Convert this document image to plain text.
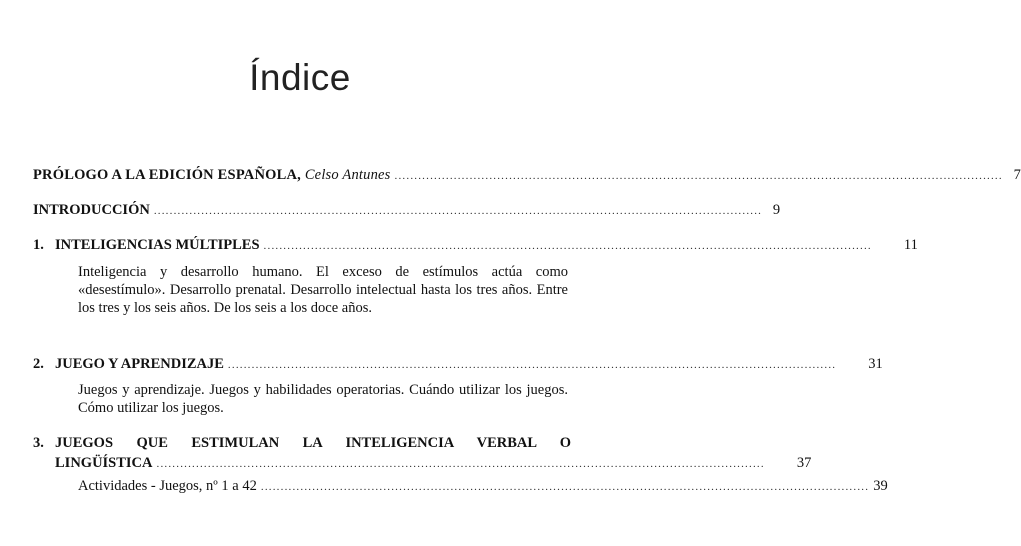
Índice
PRÓLOGO A LA EDICIÓN ESPAÑOLA, Celso Antunes .......................................................................................................................................................... 7
INTRODUCCIÓN .......................................................................................................................................................... 9
1. INTELIGENCIAS MÚLTIPLES .......................................................................................................................................................... 11
Inteligencia y desarrollo humano. El exceso de estímulos actúa como «desestímulo». Desarrollo prenatal. Desarrollo intelectual hasta los tres años. Entre los tres y los seis años. De los seis a los doce años.
2. JUEGO Y APRENDIZAJE .......................................................................................................................................................... 31
Juegos y aprendizaje. Juegos y habilidades operatorias. Cuándo utilizar los juegos. Cómo utilizar los juegos.
3. JUEGOS QUE ESTIMULAN LA INTELIGENCIA VERBAL O
LINGÜÍSTICA .......................................................................................................................................................... 37
Actividades - Juegos, nº 1 a 42 .......................................................................................................................................................... 39
